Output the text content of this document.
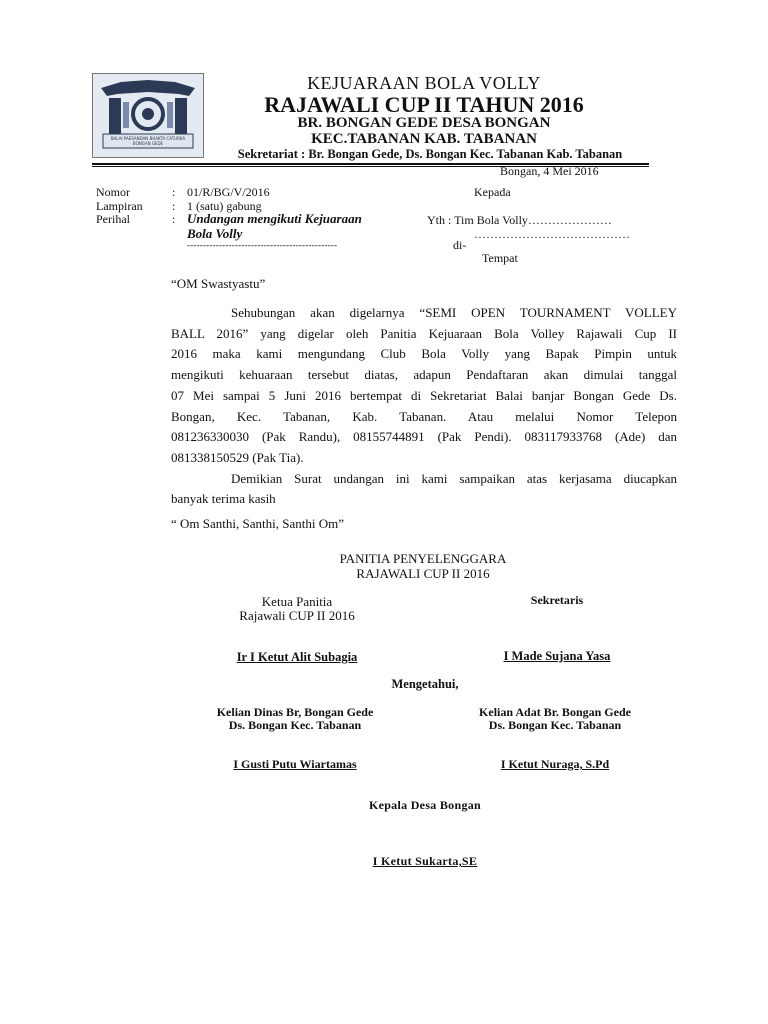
BALAI PAESANDAN BHAKTA CATURKA BONGAN GEDE
KEJUARAAN BOLA VOLLY
RAJAWALI CUP II TAHUN 2016
BR. BONGAN GEDE DESA BONGAN
KEC.TABANAN KAB. TABANAN
Sekretariat : Br. Bongan Gede, Ds. Bongan Kec. Tabanan Kab. Tabanan
Bongan, 4 Mei 2016
Nomor	: 01/R/BG/V/2016
Lampiran : 1 (satu) gabung
Perihal	: Undangan mengikuti Kejuaraan
Bola Volly
-----------------------------------------------
Kepada
Yth : Tim Bola Volly…………………
…………………………………
di-
Tempat
“OM Swastyastu”
Sehubungan akan digelarnya “SEMI OPEN TOURNAMENT VOLLEY
BALL 2016” yang digelar oleh Panitia Kejuaraan Bola Volley Rajawali Cup II
2016 maka kami mengundang Club Bola Volly yang Bapak Pimpin untuk
mengikuti kehuaraan tersebut diatas, adapun Pendaftaran akan dimulai tanggal
07 Mei sampai 5 Juni 2016 bertempat di Sekretariat Balai banjar Bongan Gede Ds.
Bongan, Kec. Tabanan, Kab. Tabanan. Atau melalui Nomor Telepon
081236330030 (Pak Randu), 08155744891 (Pak Pendi). 083117933768 (Ade) dan
081338150529 (Pak Tia).
Demikian Surat undangan ini kami sampaikan atas kerjasama diucapkan
banyak terima kasih
“ Om Santhi, Santhi, Santhi Om”
PANITIA PENYELENGGARA
RAJAWALI CUP II 2016
Ketua Panitia
Rajawali CUP II 2016
Sekretaris
Ir I Ketut Alit Subagia	I Made Sujana Yasa
Mengetahui,
Kelian Dinas Br, Bongan Gede
Ds. Bongan Kec. Tabanan
Kelian Adat Br. Bongan Gede
Ds. Bongan Kec. Tabanan
I Gusti Putu Wiartamas	I Ketut Nuraga, S.Pd
Kepala Desa Bongan
I Ketut Sukarta,SE
